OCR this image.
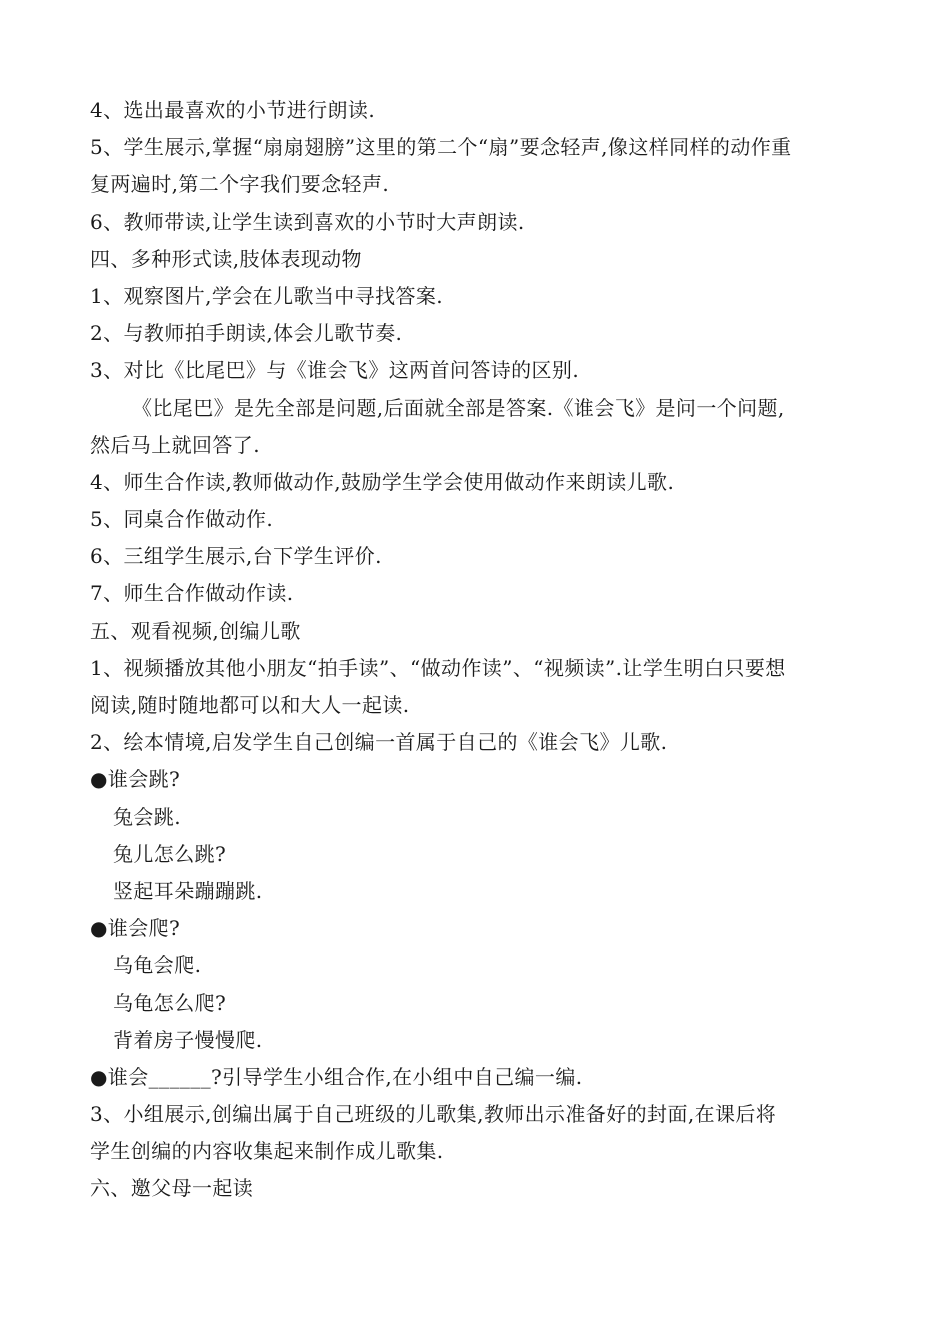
4、选出最喜欢的小节进行朗读.
5、学生展示,掌握“扇扇翅膀”这里的第二个“扇”要念轻声,像这样同样的动作重
复两遍时,第二个字我们要念轻声.
6、教师带读,让学生读到喜欢的小节时大声朗读.
四、多种形式读,肢体表现动物
1、观察图片,学会在儿歌当中寻找答案.
2、与教师拍手朗读,体会儿歌节奏.
3、对比《比尾巴》与《谁会飞》这两首问答诗的区别.
《比尾巴》是先全部是问题,后面就全部是答案.《谁会飞》是问一个问题,
然后马上就回答了.
4、师生合作读,教师做动作,鼓励学生学会使用做动作来朗读儿歌.
5、同桌合作做动作.
6、三组学生展示,台下学生评价.
7、师生合作做动作读.
五、观看视频,创编儿歌
1、视频播放其他小朋友“拍手读”、“做动作读”、“视频读”.让学生明白只要想
阅读,随时随地都可以和大人一起读.
2、绘本情境,启发学生自己创编一首属于自己的《谁会飞》儿歌.
●谁会跳?
兔会跳.
兔儿怎么跳?
竖起耳朵蹦蹦跳.
●谁会爬?
乌龟会爬.
乌龟怎么爬?
背着房子慢慢爬.
●谁会______?引导学生小组合作,在小组中自己编一编.
3、小组展示,创编出属于自己班级的儿歌集,教师出示准备好的封面,在课后将
学生创编的内容收集起来制作成儿歌集.
六、邀父母一起读
